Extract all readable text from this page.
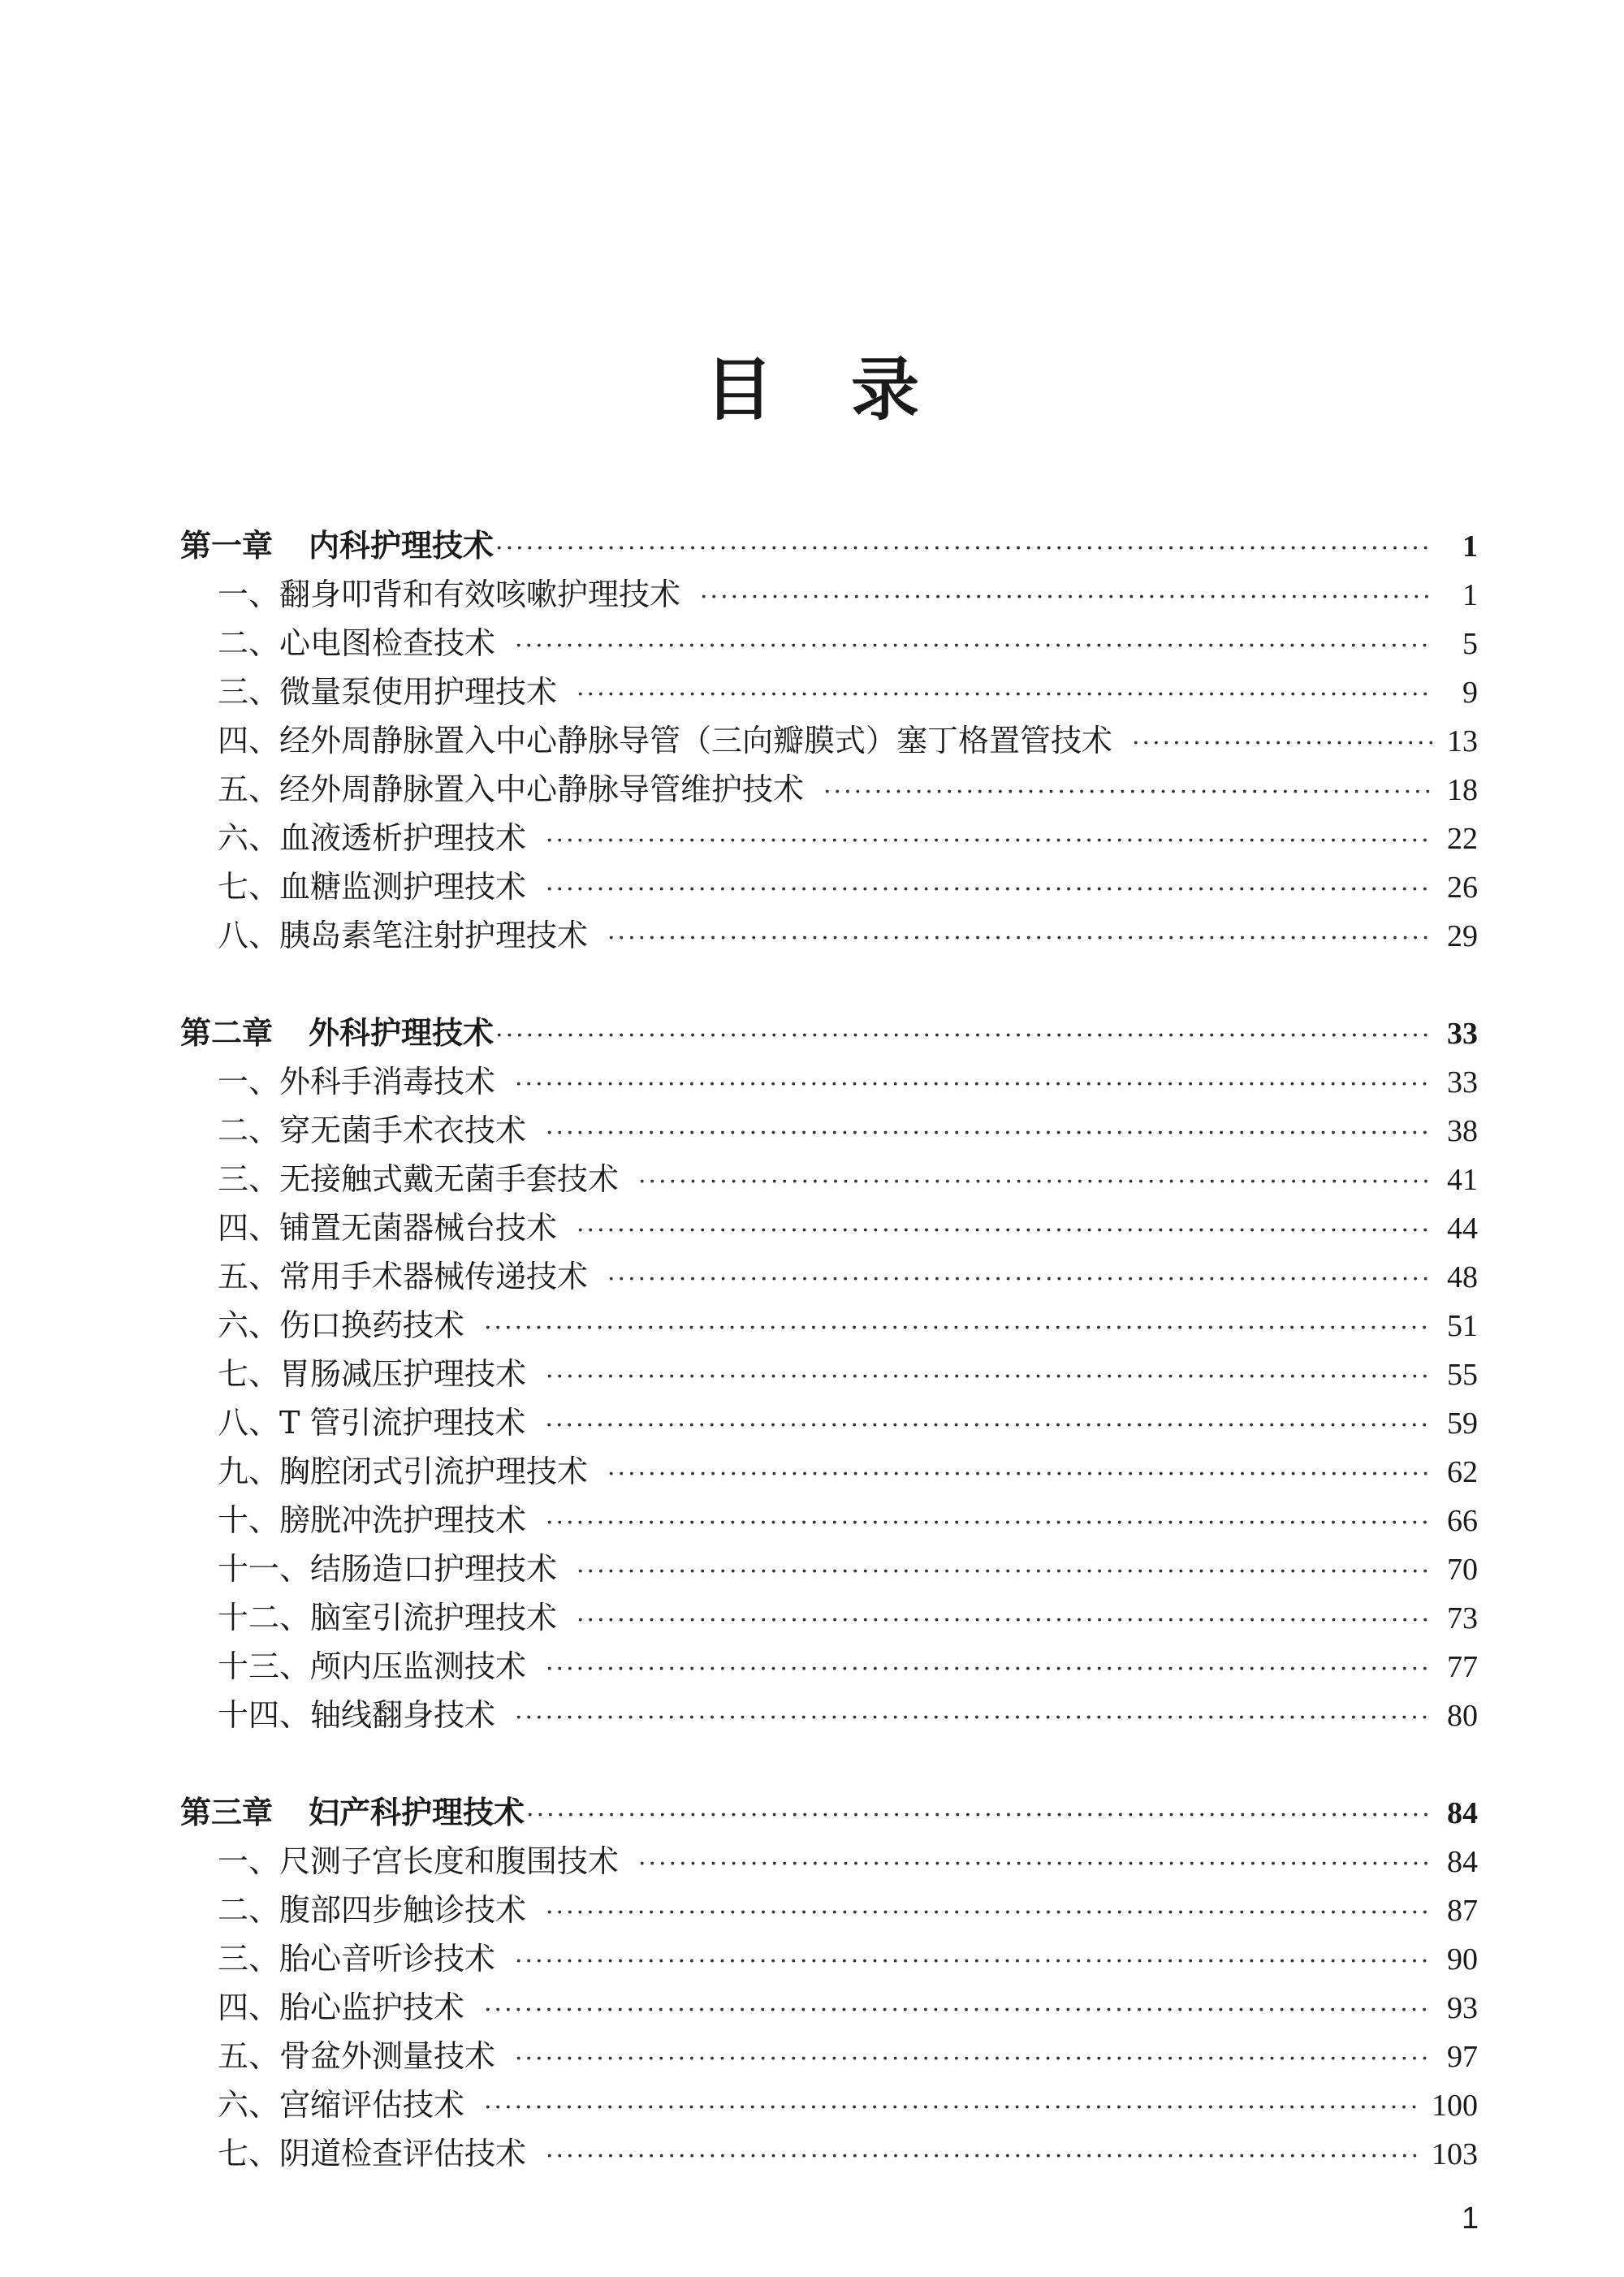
目录
第一章 内科护理技术 ·····	1
一、翻身叩背和有效咳嗽护理技术 ·····	1
二、心电图检查技术 ·····	5
三、微量泵使用护理技术 ·····	9
四、经外周静脉置入中心静脉导管（三向瓣膜式）塞丁格置管技术 ·····	13
五、经外周静脉置入中心静脉导管维护技术 ·····	18
六、血液透析护理技术 ·····	22
七、血糖监测护理技术 ·····	26
八、胰岛素笔注射护理技术 ·····	29
第二章 外科护理技术 ·····	33
一、外科手消毒技术 ·····	33
二、穿无菌手术衣技术 ·····	38
三、无接触式戴无菌手套技术 ·····	41
四、铺置无菌器械台技术 ·····	44
五、常用手术器械传递技术 ·····	48
六、伤口换药技术 ·····	51
七、胃肠减压护理技术 ·····	55
八、T 管引流护理技术 ·····	59
九、胸腔闭式引流护理技术 ·····	62
十、膀胱冲洗护理技术 ·····	66
十一、结肠造口护理技术 ·····	70
十二、脑室引流护理技术 ·····	73
十三、颅内压监测技术 ·····	77
十四、轴线翻身技术 ·····	80
第三章 妇产科护理技术 ·····	84
一、尺测子宫长度和腹围技术 ·····	84
二、腹部四步触诊技术 ·····	87
三、胎心音听诊技术 ·····	90
四、胎心监护技术 ·····	93
五、骨盆外测量技术 ·····	97
六、宫缩评估技术 ·····	100
七、阴道检查评估技术 ·····	103
1
